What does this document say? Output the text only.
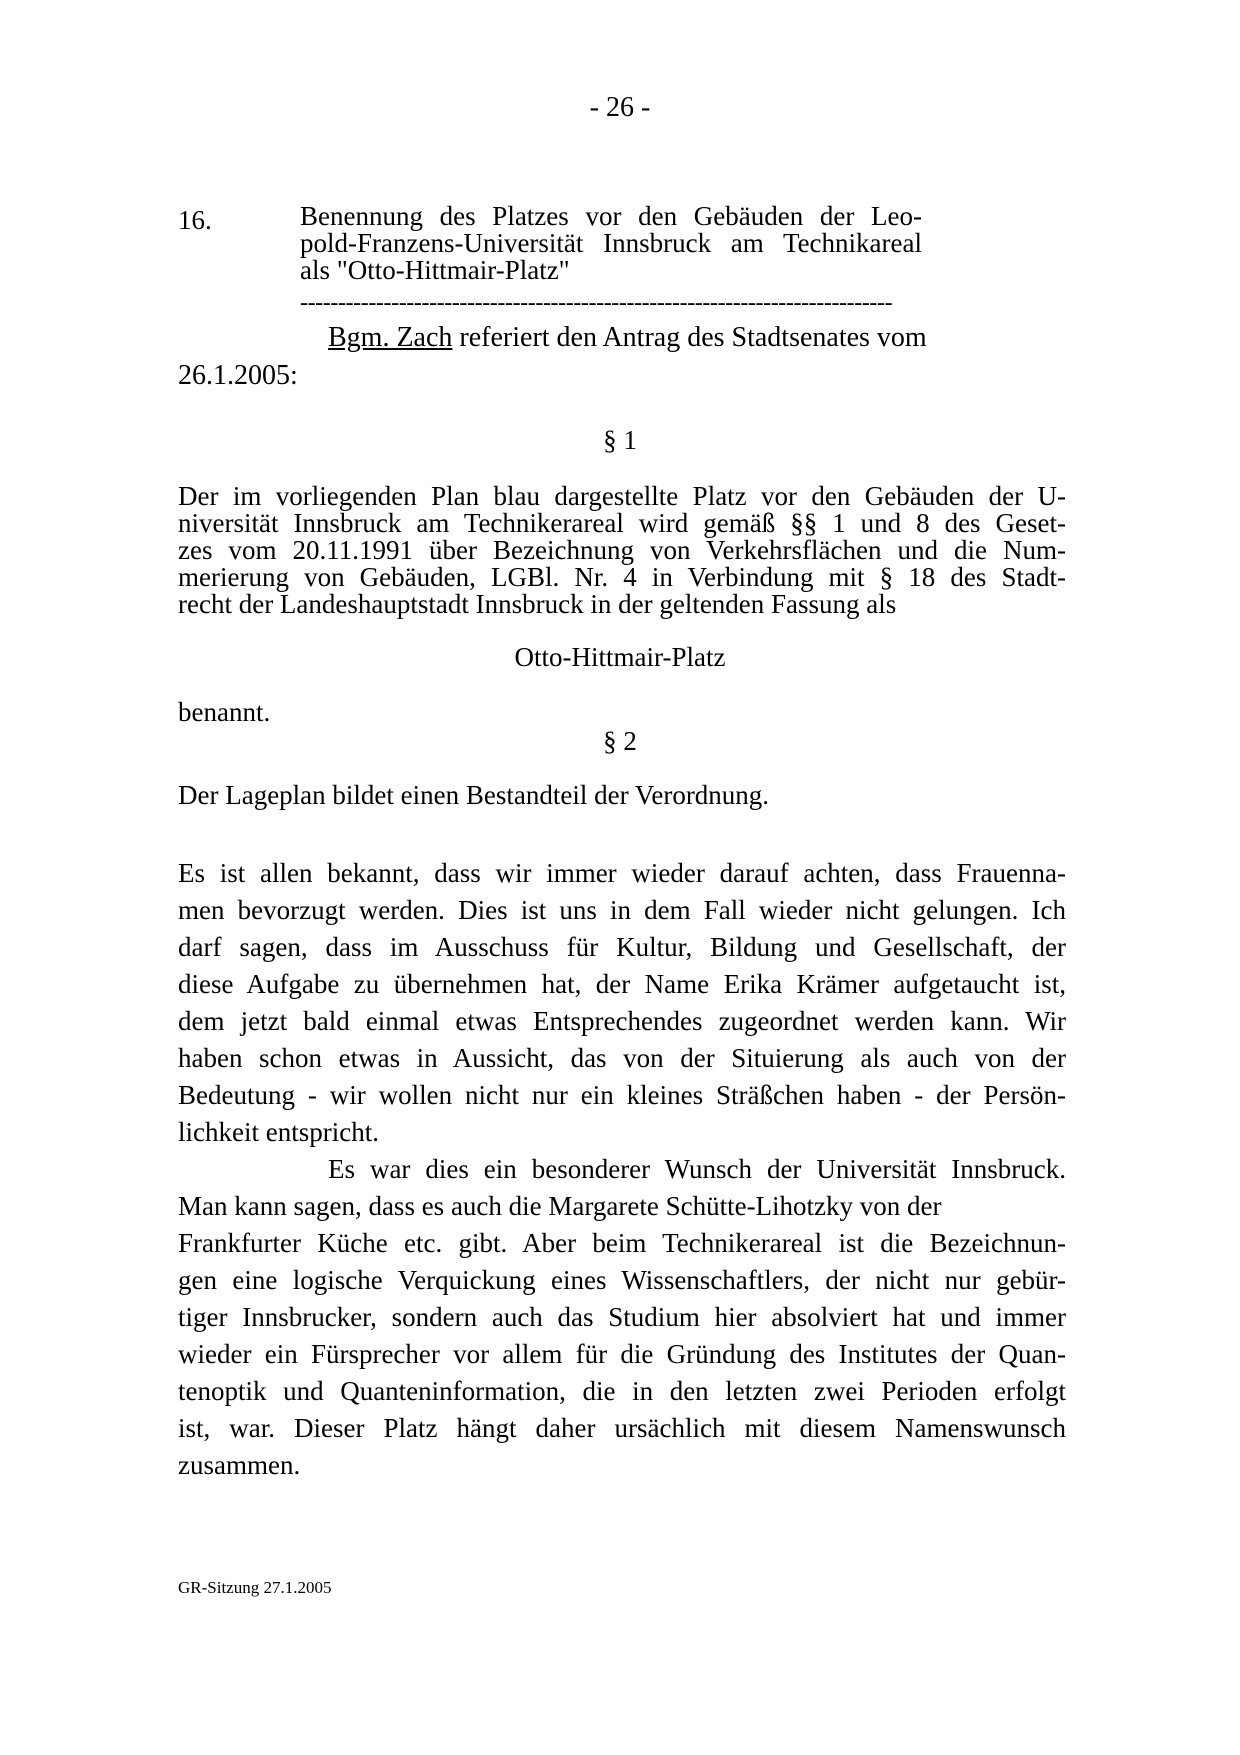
- 26 -
16.	Benennung des Platzes vor den Gebäuden der Leo-
pold-Franzens-Universität Innsbruck am Technikareal
als "Otto-Hittmair-Platz"
------------------------------------------------------------------------------
Bgm. Zach referiert den Antrag des Stadtsenates vom
26.1.2005:
§ 1
Der im vorliegenden Plan blau dargestellte Platz vor den Gebäuden der U-
niversität Innsbruck am Technikerareal wird gemäß §§ 1 und 8 des Geset-
zes vom 20.11.1991 über Bezeichnung von Verkehrsflächen und die Num-
merierung von Gebäuden, LGBl. Nr. 4 in Verbindung mit § 18 des Stadt-
recht der Landeshauptstadt Innsbruck in der geltenden Fassung als
Otto-Hittmair-Platz
benannt.
§ 2
Der Lageplan bildet einen Bestandteil der Verordnung.
Es ist allen bekannt, dass wir immer wieder darauf achten, dass Frauenna-
men bevorzugt werden. Dies ist uns in dem Fall wieder nicht gelungen. Ich
darf sagen, dass im Ausschuss für Kultur, Bildung und Gesellschaft, der
diese Aufgabe zu übernehmen hat, der Name Erika Krämer aufgetaucht ist,
dem jetzt bald einmal etwas Entsprechendes zugeordnet werden kann. Wir
haben schon etwas in Aussicht, das von der Situierung als auch von der
Bedeutung - wir wollen nicht nur ein kleines Sträßchen haben - der Persön-
lichkeit entspricht.
Es war dies ein besonderer Wunsch der Universität Innsbruck.
Man kann sagen, dass es auch die Margarete Schütte-Lihotzky von der
Frankfurter Küche etc. gibt. Aber beim Technikerareal ist die Bezeichnun-
gen eine logische Verquickung eines Wissenschaftlers, der nicht nur gebür-
tiger Innsbrucker, sondern auch das Studium hier absolviert hat und immer
wieder ein Fürsprecher vor allem für die Gründung des Institutes der Quan-
tenoptik und Quanteninformation, die in den letzten zwei Perioden erfolgt
ist, war. Dieser Platz hängt daher ursächlich mit diesem Namenswunsch
zusammen.
GR-Sitzung 27.1.2005
